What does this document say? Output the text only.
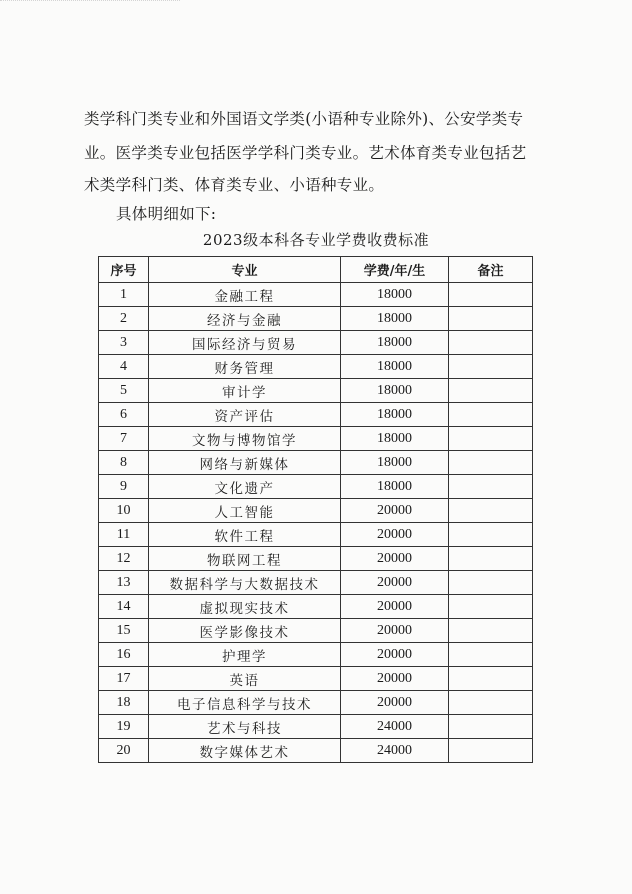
类学科门类专业和外国语文学类(小语种专业除外)、公安学类专
业。医学类专业包括医学学科门类专业。艺术体育类专业包括艺
术类学科门类、体育类专业、小语种专业。
具体明细如下:
2023级本科各专业学费收费标准
序号	专业	学费/年/生	备注
1	金融工程	18000	
2	经济与金融	18000	
3	国际经济与贸易	18000	
4	财务管理	18000	
5	审计学	18000	
6	资产评估	18000	
7	文物与博物馆学	18000	
8	网络与新媒体	18000	
9	文化遗产	18000	
10	人工智能	20000	
11	软件工程	20000	
12	物联网工程	20000	
13	数据科学与大数据技术	20000	
14	虚拟现实技术	20000	
15	医学影像技术	20000	
16	护理学	20000	
17	英语	20000	
18	电子信息科学与技术	20000	
19	艺术与科技	24000	
20	数字媒体艺术	24000	
